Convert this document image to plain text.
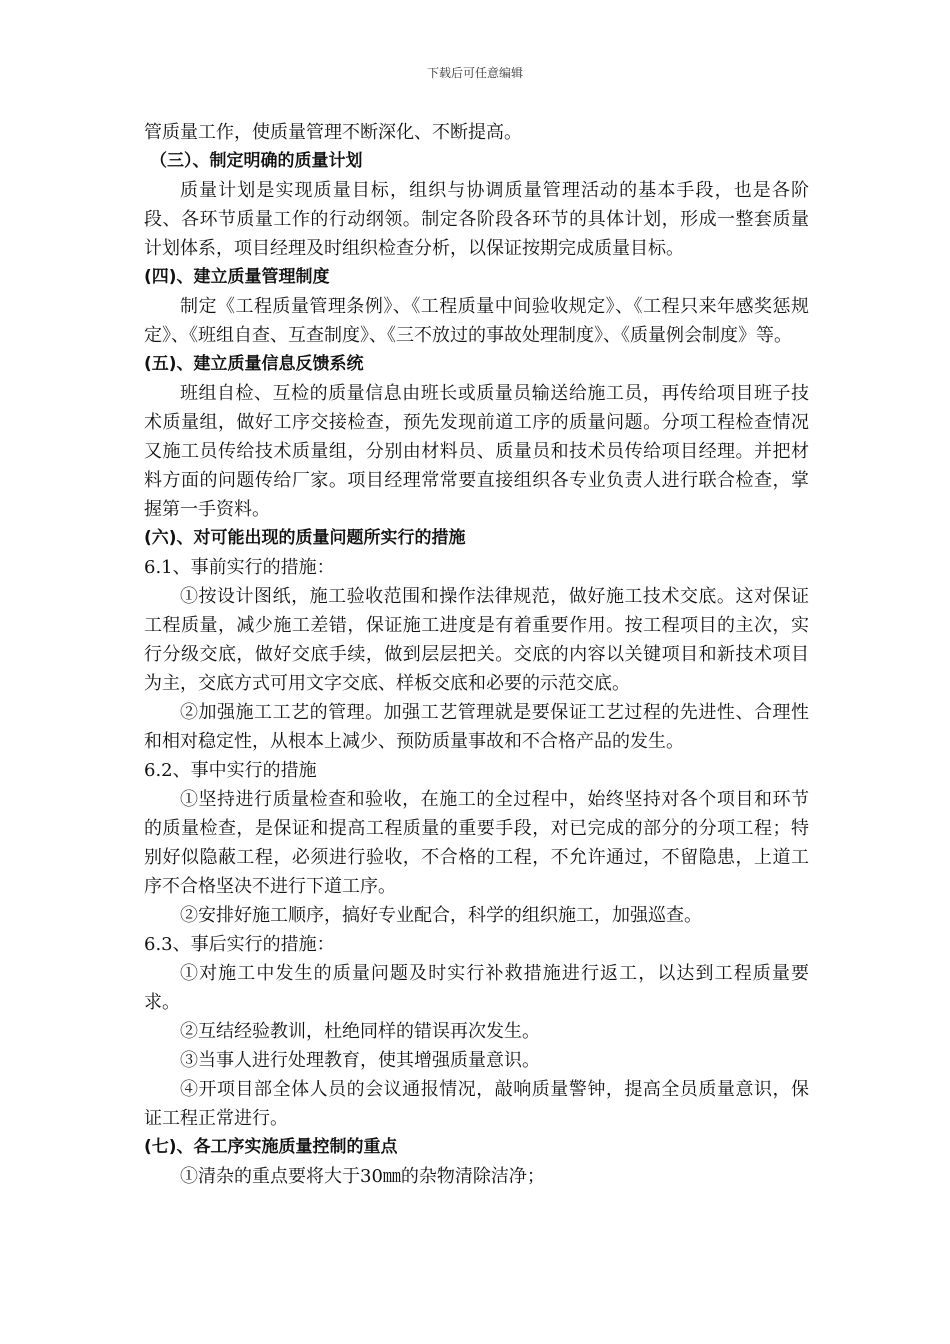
下载后可任意编辑

管质量工作，使质量管理不断深化、不断提高。

（三）、制定明确的质量计划

质量计划是实现质量目标，组织与协调质量管理活动的基本手段，也是各阶段、各环节质量工作的行动纲领。制定各阶段各环节的具体计划，形成一整套质量计划体系，项目经理及时组织检查分析，以保证按期完成质量目标。

(四)、建立质量管理制度

制定《工程质量管理条例》、《工程质量中间验收规定》、《工程只来年感奖惩规定》、《班组自查、互查制度》、《三不放过的事故处理制度》、《质量例会制度》等。

(五)、建立质量信息反馈系统

班组自检、互检的质量信息由班长或质量员输送给施工员，再传给项目班子技术质量组，做好工序交接检查，预先发现前道工序的质量问题。分项工程检查情况又施工员传给技术质量组，分别由材料员、质量员和技术员传给项目经理。并把材料方面的问题传给厂家。项目经理常常要直接组织各专业负责人进行联合检查，掌握第一手资料。

(六)、对可能出现的质量问题所实行的措施

6.1、事前实行的措施：

①按设计图纸，施工验收范围和操作法律规范，做好施工技术交底。这对保证工程质量，减少施工差错，保证施工进度是有着重要作用。按工程项目的主次，实行分级交底，做好交底手续，做到层层把关。交底的内容以关键项目和新技术项目为主，交底方式可用文字交底、样板交底和必要的示范交底。

②加强施工工艺的管理。加强工艺管理就是要保证工艺过程的先进性、合理性和相对稳定性，从根本上减少、预防质量事故和不合格产品的发生。

6.2、事中实行的措施

①坚持进行质量检查和验收，在施工的全过程中，始终坚持对各个项目和环节的质量检查，是保证和提高工程质量的重要手段，对已完成的部分的分项工程；特别好似隐蔽工程，必须进行验收，不合格的工程，不允许通过，不留隐患，上道工序不合格坚决不进行下道工序。

②安排好施工顺序，搞好专业配合，科学的组织施工，加强巡查。

6.3、事后实行的措施：

①对施工中发生的质量问题及时实行补救措施进行返工，以达到工程质量要求。

②互结经验教训，杜绝同样的错误再次发生。

③当事人进行处理教育，使其增强质量意识。

④开项目部全体人员的会议通报情况，敲响质量警钟，提高全员质量意识，保证工程正常进行。

(七)、各工序实施质量控制的重点

①清杂的重点要将大于30㎜的杂物清除洁净；
